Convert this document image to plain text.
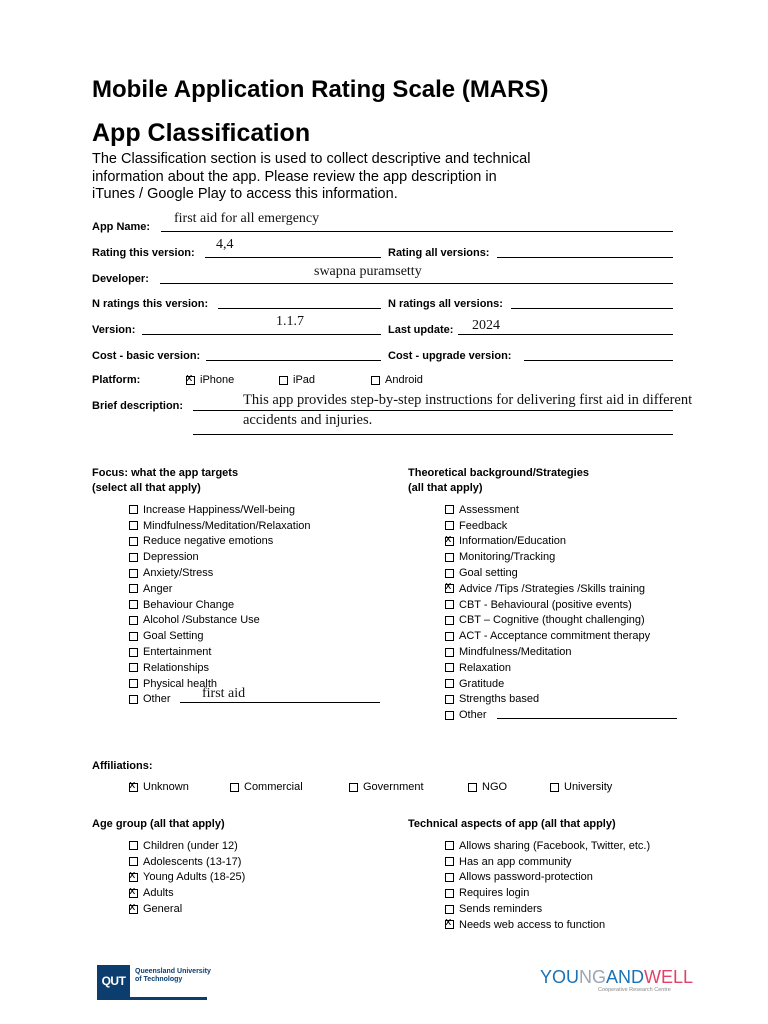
Mobile Application Rating Scale (MARS)
App Classification
The Classification section is used to collect descriptive and technical
information about the app. Please review the app description in
iTunes / Google Play to access this information.
App Name:
first aid for all emergency
Rating this version:
4,4
Rating all versions:
Developer:	swapna puramsetty
N ratings this version:	N ratings all versions:
Version:
1.1.7
Last update: 2024
Cost - basic version:	Cost - upgrade version:
Platform:
x	iPhone	iPad	Android
Brief description:	This app provides step-by-step instructions for delivering first aid in different
accidents and injuries.
Focus: what the app targets
(select all that apply)
Increase Happiness/Well-being
Mindfulness/Meditation/Relaxation
Reduce negative emotions
Depression
Anxiety/Stress
Anger
Behaviour Change
Alcohol /Substance Use
Goal Setting
Entertainment
Relationships
Physical health
Other first aid
Theoretical background/Strategies
(all that apply)
Assessment
Feedback
x
Information/Education
Monitoring/Tracking
Goal setting
x
Advice /Tips /Strategies /Skills training
CBT - Behavioural (positive events)
CBT – Cognitive (thought challenging)
ACT - Acceptance commitment therapy
Mindfulness/Meditation
Relaxation
Gratitude
Strengths based
Other
Affiliations:
x
Unknown	Commercial	Government	NGO	University
Age group (all that apply)
Children (under 12)
Adolescents (13-17)
x
Young Adults (18-25)
x
Adults
x
General
Technical aspects of app (all that apply)
Allows sharing (Facebook, Twitter, etc.)
Has an app community
Allows password-protection
Requires login
Sends reminders
x
Needs web access to function
QUT
Queensland University
of Technology	YOUNGANDWELL
Cooperative Research Centre
